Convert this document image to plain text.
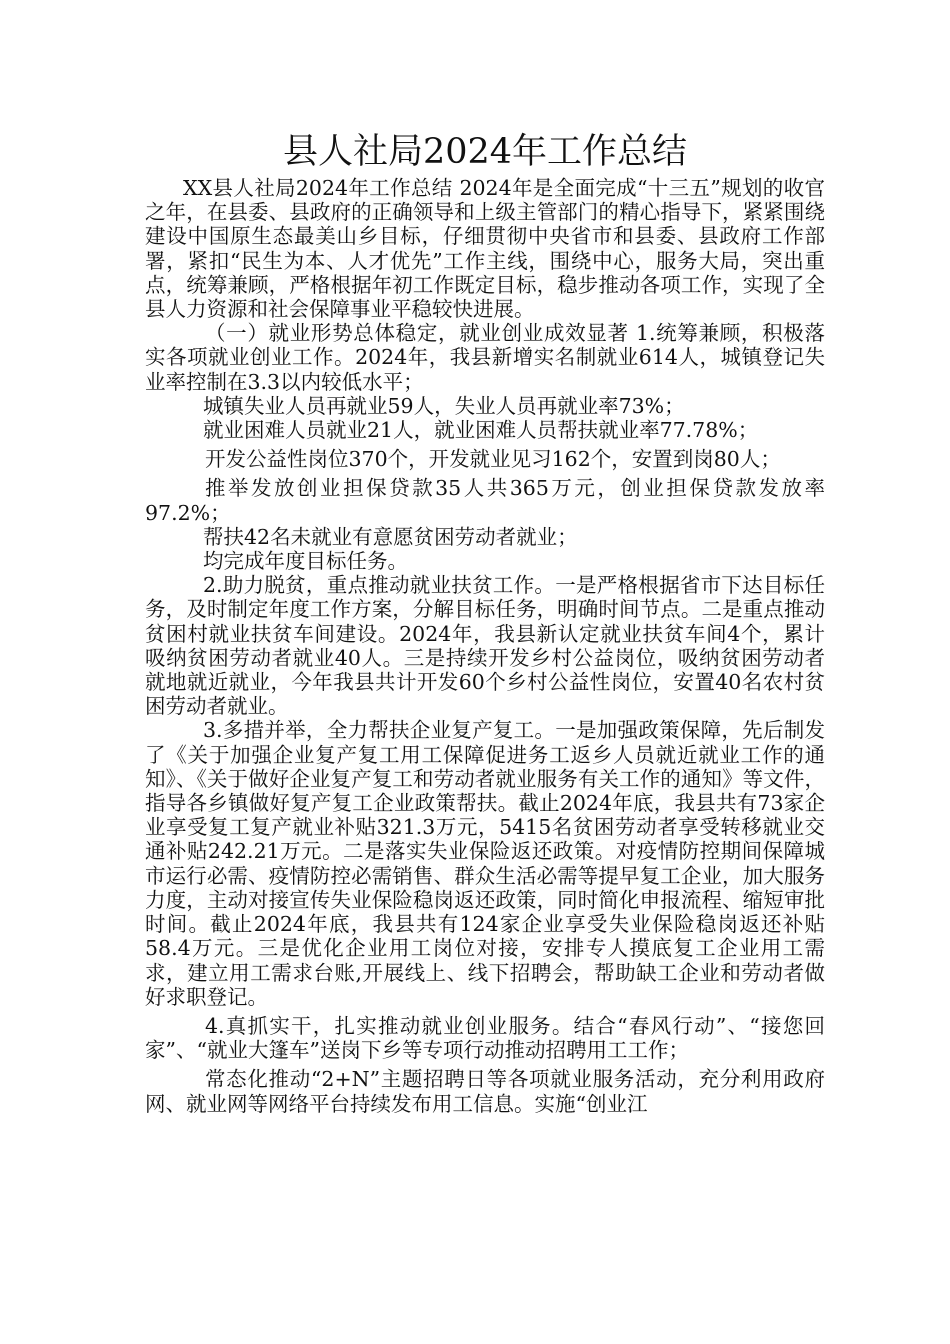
县人社局2024年工作总结

XX县人社局2024年工作总结 2024年是全面完成“十三五”规划的收官之年，在县委、县政府的正确领导和上级主管部门的精心指导下，紧紧围绕建设中国原生态最美山乡目标，仔细贯彻中央省市和县委、县政府工作部署，紧扣“民生为本、人才优先”工作主线，围绕中心，服务大局，突出重点，统筹兼顾，严格根据年初工作既定目标，稳步推动各项工作，实现了全县人力资源和社会保障事业平稳较快进展。

（一）就业形势总体稳定，就业创业成效显著 1.统筹兼顾，积极落实各项就业创业工作。2024年，我县新增实名制就业614人，城镇登记失业率控制在3.3以内较低水平；

城镇失业人员再就业59人，失业人员再就业率73%；

就业困难人员就业21人，就业困难人员帮扶就业率77.78%；

开发公益性岗位370个，开发就业见习162个，安置到岗80人；

推举发放创业担保贷款35人共365万元，创业担保贷款发放率97.2%；

帮扶42名未就业有意愿贫困劳动者就业；

均完成年度目标任务。

2.助力脱贫，重点推动就业扶贫工作。一是严格根据省市下达目标任务，及时制定年度工作方案，分解目标任务，明确时间节点。二是重点推动贫困村就业扶贫车间建设。2024年，我县新认定就业扶贫车间4个，累计吸纳贫困劳动者就业40人。三是持续开发乡村公益岗位，吸纳贫困劳动者就地就近就业，今年我县共计开发60个乡村公益性岗位，安置40名农村贫困劳动者就业。

3.多措并举，全力帮扶企业复产复工。一是加强政策保障，先后制发了《关于加强企业复产复工用工保障促进务工返乡人员就近就业工作的通知》、《关于做好企业复产复工和劳动者就业服务有关工作的通知》等文件，指导各乡镇做好复产复工企业政策帮扶。截止2024年底，我县共有73家企业享受复工复产就业补贴321.3万元，5415名贫困劳动者享受转移就业交通补贴242.21万元。二是落实失业保险返还政策。对疫情防控期间保障城市运行必需、疫情防控必需销售、群众生活必需等提早复工企业，加大服务力度，主动对接宣传失业保险稳岗返还政策，同时简化申报流程、缩短审批时间。截止2024年底，我县共有124家企业享受失业保险稳岗返还补贴58.4万元。三是优化企业用工岗位对接，安排专人摸底复工企业用工需求，建立用工需求台账,开展线上、线下招聘会，帮助缺工企业和劳动者做好求职登记。

4.真抓实干，扎实推动就业创业服务。结合“春风行动”、“接您回家”、“就业大篷车”送岗下乡等专项行动推动招聘用工工作；

常态化推动“2+N”主题招聘日等各项就业服务活动，充分利用政府网、就业网等网络平台持续发布用工信息。实施“创业江
